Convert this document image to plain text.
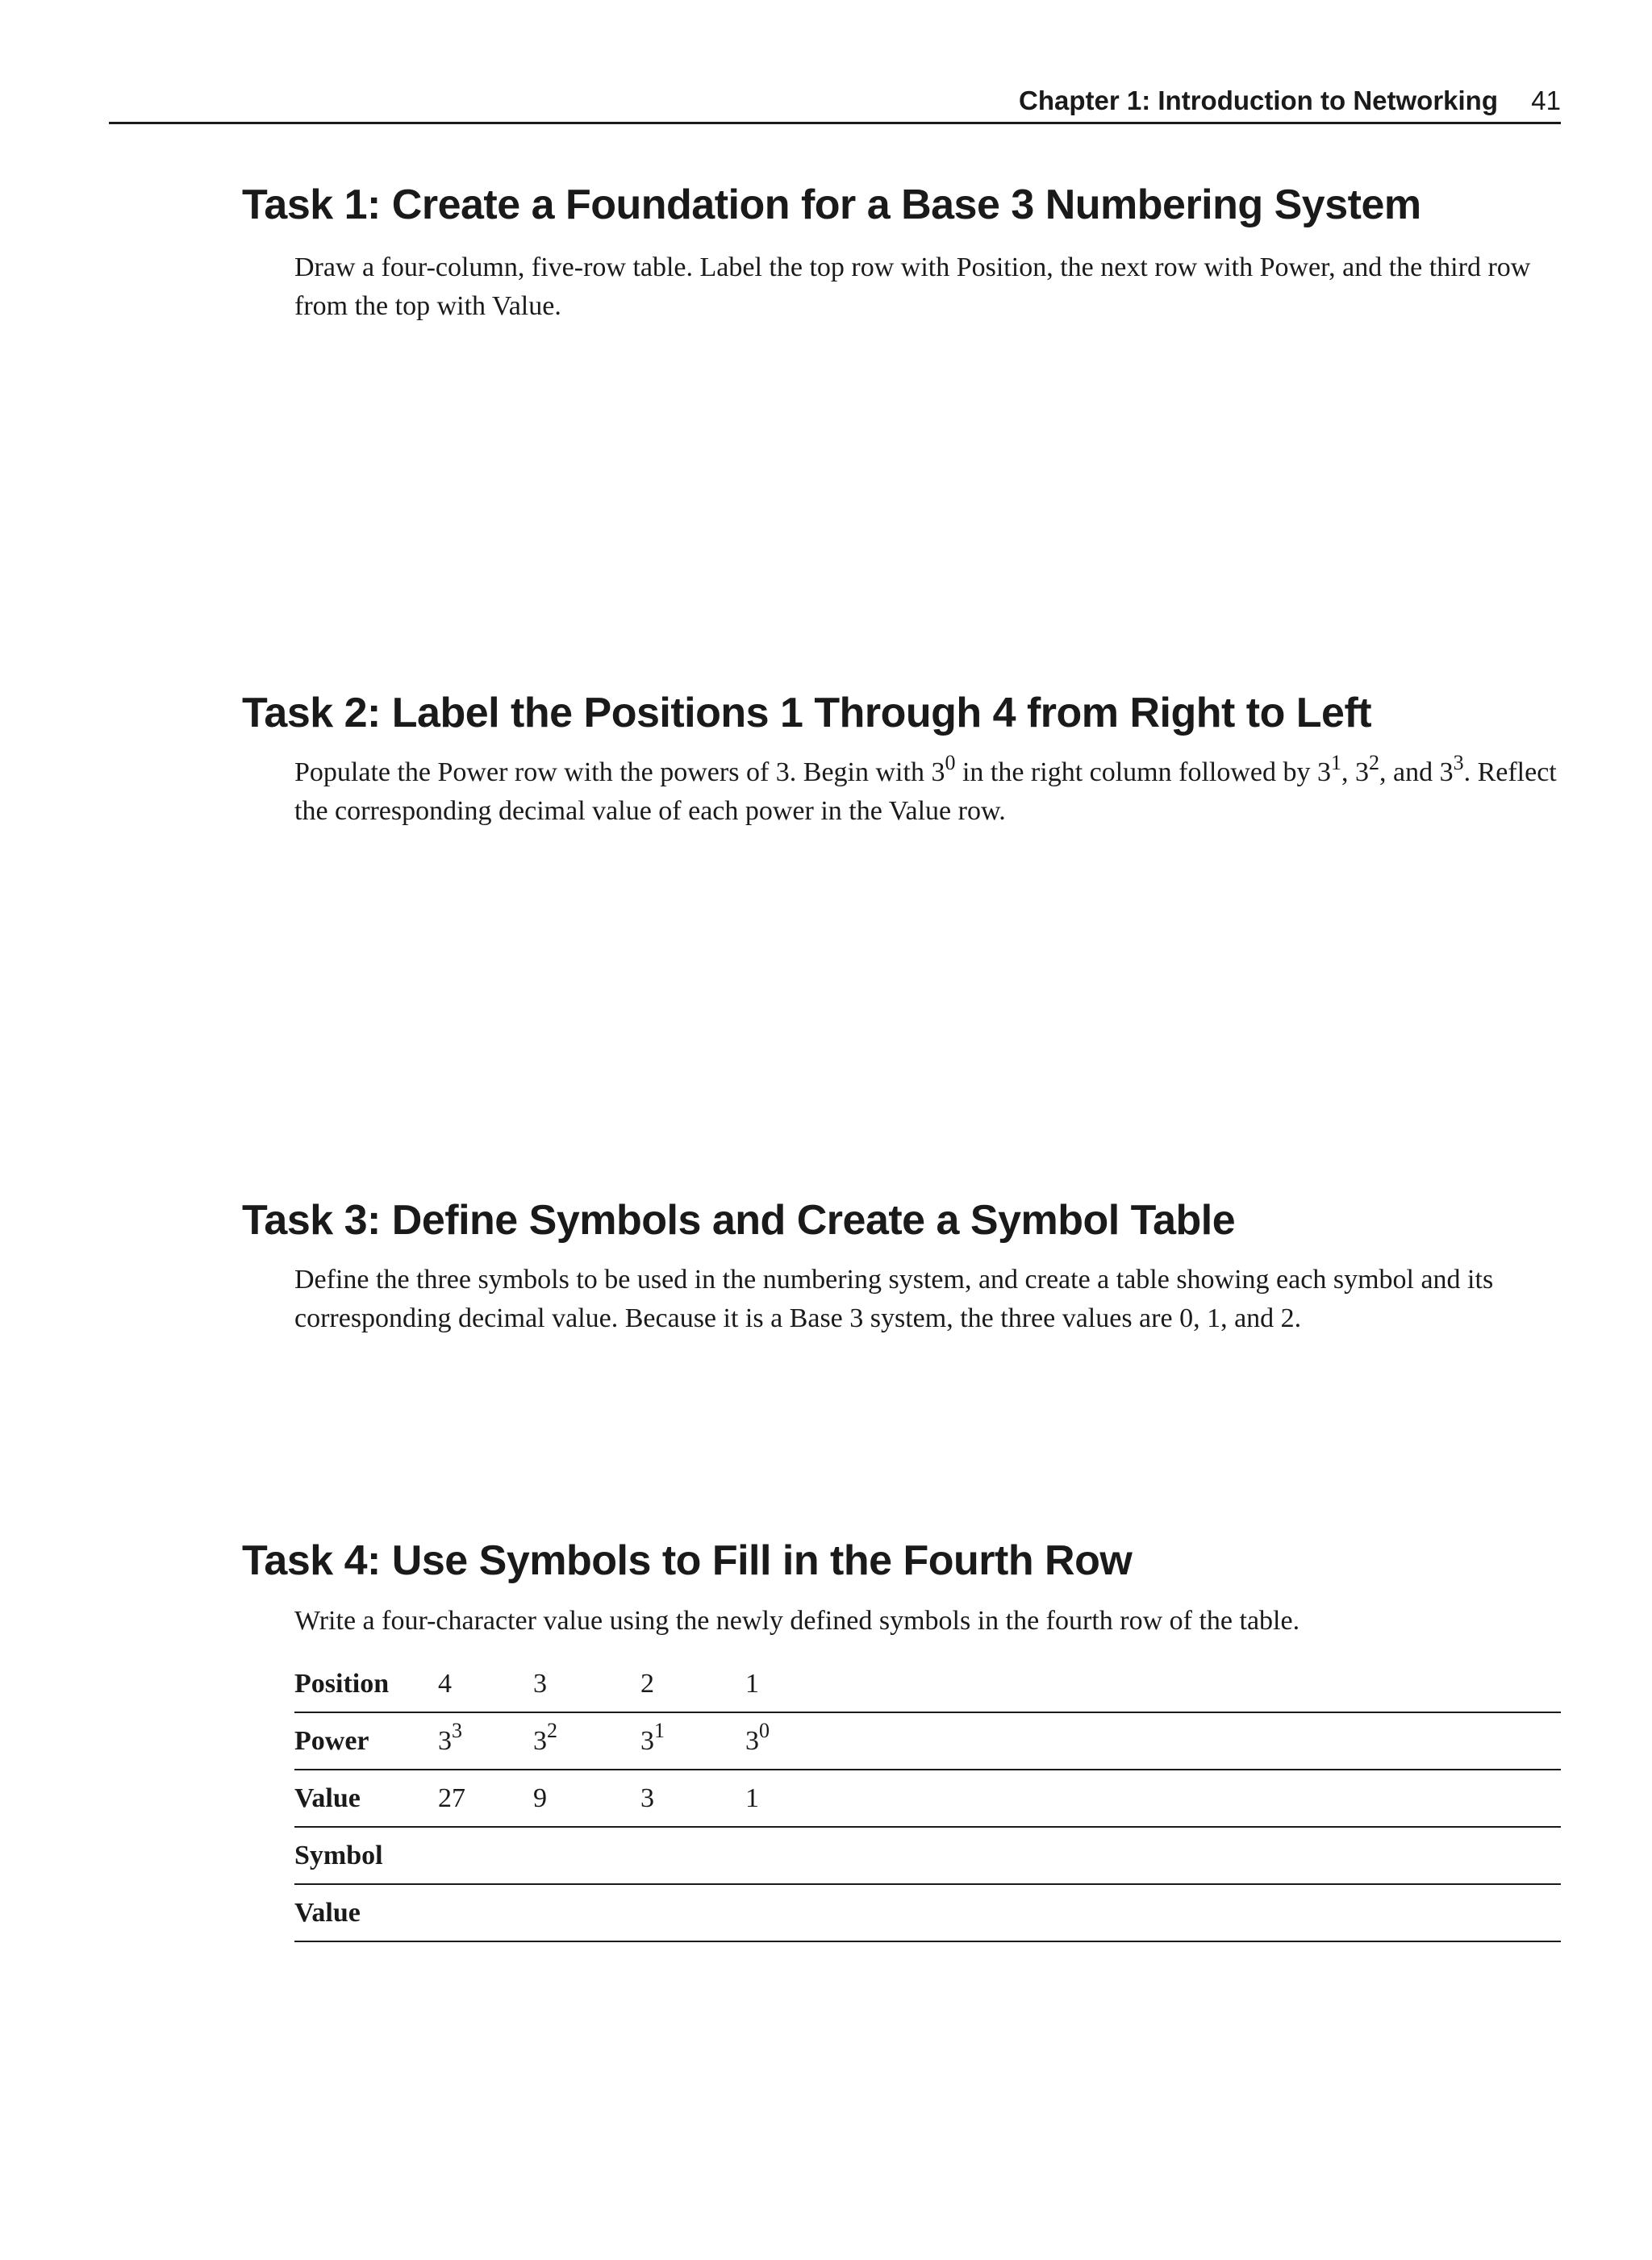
Chapter 1: Introduction to Networking 41
Task 1: Create a Foundation for a Base 3 Numbering System

Draw a four-column, five-row table. Label the top row with Position, the next row with Power, and the third row from the top with Value.

Task 2: Label the Positions 1 Through 4 from Right to Left

Populate the Power row with the powers of 3. Begin with $3^0$ in the right column followed by $3^1$, $3^2$, and $3^3$. Reflect the corresponding decimal value of each power in the Value row.

Task 3: Define Symbols and Create a Symbol Table

Define the three symbols to be used in the numbering system, and create a table showing each symbol and its corresponding decimal value. Because it is a Base 3 system, the three values are 0, 1, and 2.

Task 4: Use Symbols to Fill in the Fourth Row

Write a four-character value using the newly defined symbols in the fourth row of the table.

Position	4	3	2	1
Power	$3^3$	$3^2$	$3^1$	$3^0$
Value	27	9	3	1
Symbol				
Value				
